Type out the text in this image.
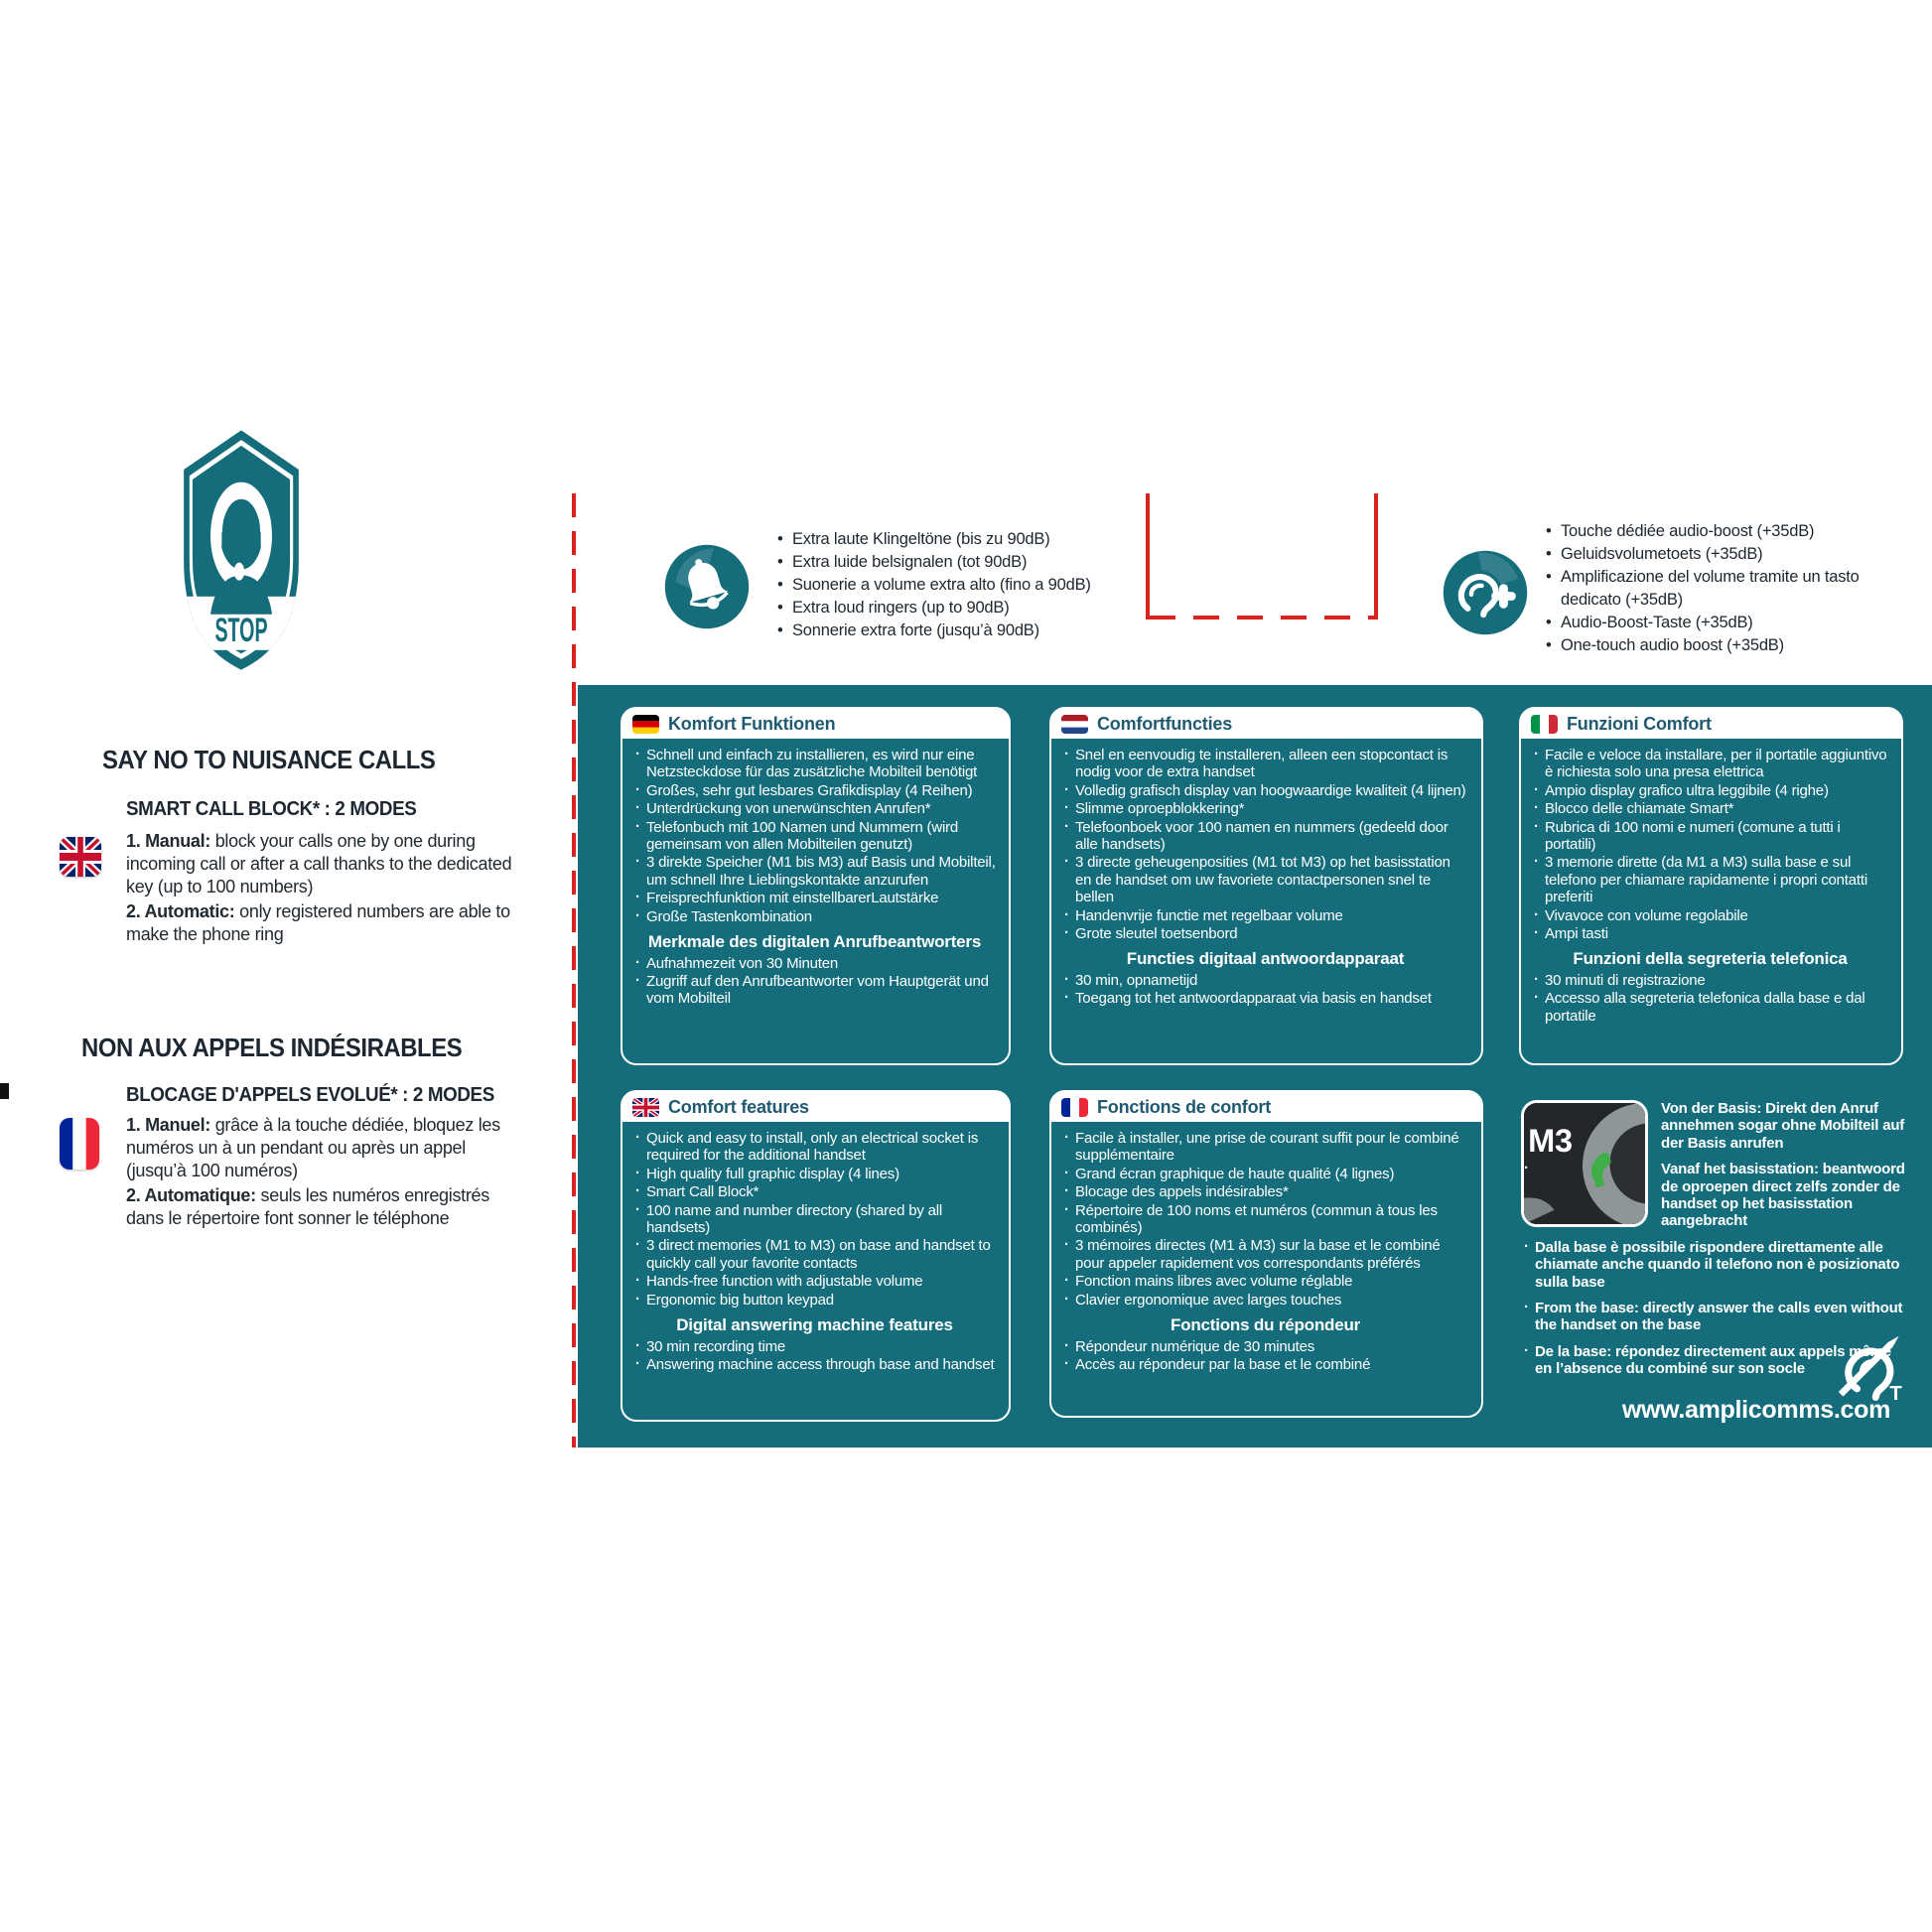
STOP
SAY NO TO NUISANCE CALLS
SMART CALL BLOCK* : 2 MODES

1. Manual: block your calls one by one during incoming call or after a call thanks to the dedicated key (up to 100 numbers)

2. Automatic: only registered numbers are able to make the phone ring

NON AUX APPELS INDÉSIRABLES
BLOCAGE D'APPELS EVOLUÉ* : 2 MODES

1. Manuel: grâce à la touche dédiée, bloquez les numéros un à un pendant ou après un appel (jusqu’à 100 numéros)

2. Automatique: seuls les numéros enregistrés dans le répertoire font sonner le téléphone

• Extra laute Klingeltöne (bis zu 90dB)
• Extra luide belsignalen (tot 90dB)
• Suonerie a volume extra alto (fino a 90dB)
• Extra loud ringers (up to 90dB)
• Sonnerie extra forte (jusqu’à 90dB)
• Touche dédiée audio-boost (+35dB)
• Geluidsvolumetoets (+35dB)
• Amplificazione del volume tramite un tasto dedicato (+35dB)
• Audio-Boost-Taste (+35dB)
• One-touch audio boost (+35dB)
Komfort Funktionen
· Schnell und einfach zu installieren, es wird nur eine Netzsteckdose für das zusätzliche Mobilteil benötigt
· Großes, sehr gut lesbares Grafikdisplay (4 Reihen)
· Unterdrückung von unerwünschten Anrufen*
· Telefonbuch mit 100 Namen und Nummern (wird gemeinsam von allen Mobilteilen genutzt)
· 3 direkte Speicher (M1 bis M3) auf Basis und Mobilteil, um schnell Ihre Lieblingskontakte anzurufen
· Freisprechfunktion mit einstellbarerLautstärke
· Große Tastenkombination
Merkmale des digitalen Anrufbeantworters
· Aufnahmezeit von 30 Minuten
· Zugriff auf den Anrufbeantworter vom Hauptgerät und vom Mobilteil
Comfortfuncties
· Snel en eenvoudig te installeren, alleen een stopcontact is nodig voor de extra handset
· Volledig grafisch display van hoogwaardige kwaliteit (4 lijnen)
· Slimme oproepblokkering*
· Telefoonboek voor 100 namen en nummers (gedeeld door alle handsets)
· 3 directe geheugenposities (M1 tot M3) op het basisstation en de handset om uw favoriete contactpersonen snel te bellen
· Handenvrije functie met regelbaar volume
· Grote sleutel toetsenbord
Functies digitaal antwoordapparaat
· 30 min, opnametijd
· Toegang tot het antwoordapparaat via basis en handset
Funzioni Comfort
· Facile e veloce da installare, per il portatile aggiuntivo è richiesta solo una presa elettrica
· Ampio display grafico ultra leggibile (4 righe)
· Blocco delle chiamate Smart*
· Rubrica di 100 nomi e numeri (comune a tutti i portatili)
· 3 memorie dirette (da M1 a M3) sulla base e sul telefono per chiamare rapidamente i propri contatti preferiti
· Vivavoce con volume regolabile
· Ampi tasti
Funzioni della segreteria telefonica
· 30 minuti di registrazione
· Accesso alla segreteria telefonica dalla base e dal portatile
Comfort features
· Quick and easy to install, only an electrical socket is required for the additional handset
· High quality full graphic display (4 lines)
· Smart Call Block*
· 100 name and number directory (shared by all handsets)
· 3 direct memories (M1 to M3) on base and handset to quickly call your favorite contacts
· Hands-free function with adjustable volume
· Ergonomic big button keypad
Digital answering machine features
· 30 min recording time
· Answering machine access through base and handset
Fonctions de confort
· Facile à installer, une prise de courant suffit pour le combiné supplémentaire
· Grand écran graphique de haute qualité (4 lignes)
· Blocage des appels indésirables*
· Répertoire de 100 noms et numéros (commun à tous les combinés)
· 3 mémoires directes (M1 à M3) sur la base et le combiné pour appeler rapidement vos correspondants préférés
· Fonction mains libres avec volume réglable
· Clavier ergonomique avec larges touches
Fonctions du répondeur
· Répondeur numérique de 30 minutes
· Accès au répondeur par la base et le combiné
M3
· Von der Basis: Direkt den Anruf annehmen sogar ohne Mobilteil auf der Basis anrufen
· Vanaf het basisstation: beantwoord de oproepen direct zelfs zonder de handset op het basisstation aangebracht
· Dalla base è possibile rispondere direttamente alle chiamate anche quando il telefono non è posizionato sulla base
· From the base: directly answer the calls even without the handset on the base
· De la base: répondez directement aux appels même en l’absence du combiné sur son socle
T
www.amplicomms.com
